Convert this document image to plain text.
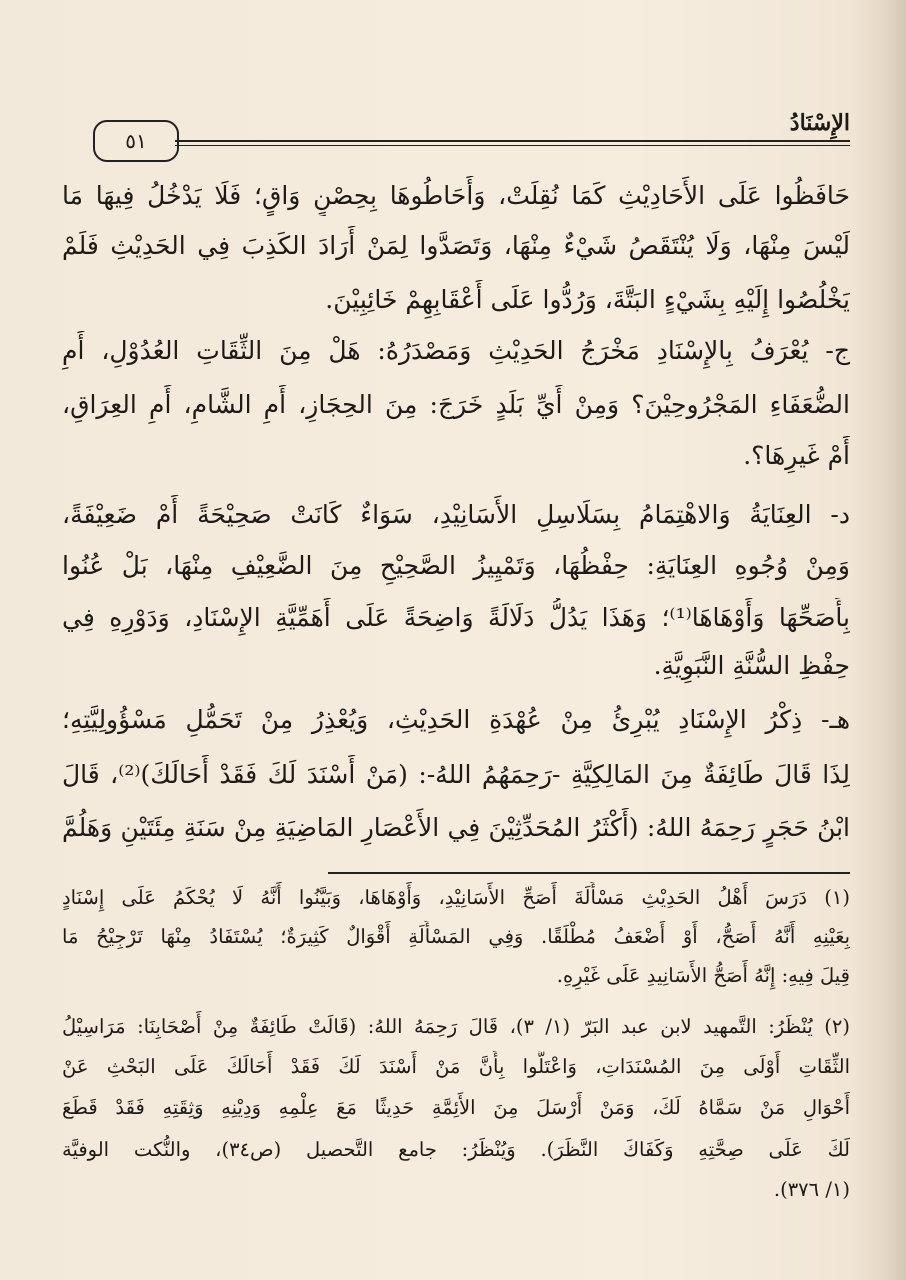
الإِسْنَادُ
٥١
حَافَظُوا عَلَى الأَحَادِيْثِ كَمَا نُقِلَتْ، وَأَحَاطُوهَا بِحِصْنٍ وَاقٍ؛ فَلَا يَدْخُلُ فِيهَا مَا
لَيْسَ مِنْهَا، وَلَا يُنْتَقَصُ شَيْءٌ مِنْهَا، وَتَصَدَّوا لِمَنْ أَرَادَ الكَذِبَ فِي الحَدِيْثِ فَلَمْ
يَخْلُصُوا إِلَيْهِ بِشَيْءٍ البَتَّةَ، وَرُدُّوا عَلَى أَعْقَابِهِمْ خَائِبِيْنَ.
ج- يُعْرَفُ بِالإِسْنَادِ مَخْرَجُ الحَدِيْثِ وَمَصْدَرُهُ: هَلْ مِنَ الثِّقَاتِ العُدُوْلِ، أَمِ
الضُّعَفَاءِ المَجْرُوحِيْنَ؟ وَمِنْ أَيِّ بَلَدٍ خَرَجَ: مِنَ الحِجَازِ، أَمِ الشَّامِ، أَمِ العِرَاقِ،
أَمْ غَيرِهَا؟.
د- العِنَايَةُ وَالاهْتِمَامُ بِسَلَاسِلِ الأَسَانِيْدِ، سَوَاءٌ كَانَتْ صَحِيْحَةً أَمْ ضَعِيْفَةً،
وَمِنْ وُجُوهِ العِنَايَةِ: حِفْظُهَا، وَتَمْيِيزُ الصَّحِيْحِ مِنَ الضَّعِيْفِ مِنْهَا، بَلْ عُنُوا
بِأَصَحِّهَا وَأَوْهَاهَا⁽¹⁾؛ وَهَذَا يَدُلُّ دَلَالَةً وَاضِحَةً عَلَى أَهَمِّيَّةِ الإِسْنَادِ، وَدَوْرِهِ فِي
حِفْظِ السُّنَّةِ النَّبَوِيَّةِ.
هـ- ذِكْرُ الإِسْنَادِ يُبْرِئُ مِنْ عُهْدَةِ الحَدِيْثِ، وَيُعْذِرُ مِنْ تَحَمُّلِ مَسْؤُولِيَّتِهِ؛
لِذَا قَالَ طَائِفَةٌ مِنَ المَالِكِيَّةِ -رَحِمَهُمُ اللهُ-: (مَنْ أَسْنَدَ لَكَ فَقَدْ أَحَالَكَ)⁽²⁾، قَالَ
ابْنُ حَجَرٍ رَحِمَهُ اللهُ: (أَكْثَرُ المُحَدِّثِيْنَ فِي الأَعْصَارِ المَاضِيَةِ مِنْ سَنَةِ مِئَتَيْنِ وَهَلُمَّ
(١) دَرَسَ أَهْلُ الحَدِيْثِ مَسْأَلَةَ أَصَحِّ الأَسَانِيْدِ، وَأَوْهَاهَا، وَبَيَّنُوا أَنَّهُ لَا يُحْكَمُ عَلَى إِسْنَادٍ
بِعَيْنِهِ أَنَّهُ أَصَحُّ، أَوْ أَضْعَفُ مُطْلَقًا. وَفِي المَسْأَلَةِ أَقْوَالٌ كَثِيرَةٌ؛ يُسْتَفَادُ مِنْهَا تَرْجِيْحُ مَا
قِيلَ فِيهِ: إِنَّهُ أَصَحُّ الأَسَانِيدِ عَلَى غَيْرِهِ.
(٢) يُنْظَرُ: التَّمهيد لابن عبد البَرّ (١/ ٣)، قَالَ رَحِمَهُ اللهُ: (قَالَتْ طَائِفَةٌ مِنْ أَصْحَابِنَا: مَرَاسِيْلُ
الثِّقَاتِ أَوْلَى مِنَ المُسْنَدَاتِ، وَاعْتَلُّوا بِأَنَّ مَنْ أَسْنَدَ لَكَ فَقَدْ أَحَالَكَ عَلَى البَحْثِ عَنْ
أَحْوَالِ مَنْ سَمَّاهُ لَكَ، وَمَنْ أَرْسَلَ مِنَ الأَئِمَّةِ حَدِيثًا مَعَ عِلْمِهِ وَدِيْنِهِ وَثِقَتِهِ فَقَدْ قَطَعَ
لَكَ عَلَى صِحَّتِهِ وَكَفَاكَ النَّظَرَ). وَيُنْظَرُ: جامع التَّحصيل (ص٣٤)، والنُّكت الوفيَّة
(١/ ٣٧٦).
